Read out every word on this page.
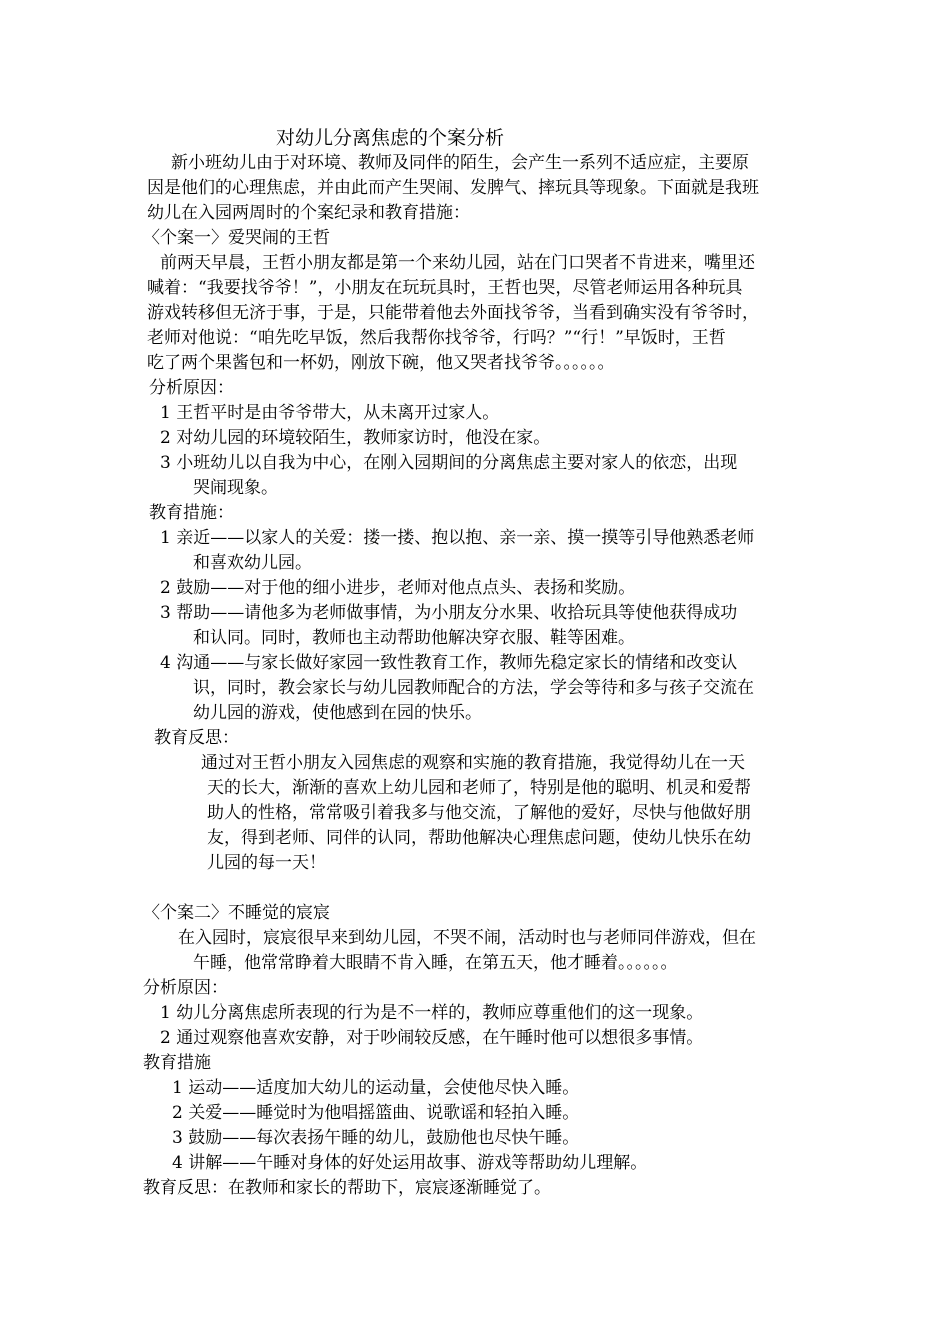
对幼儿分离焦虑的个案分析
新小班幼儿由于对环境、教师及同伴的陌生，会产生一系列不适应症，主要原
因是他们的心理焦虑，并由此而产生哭闹、发脾气、摔玩具等现象。下面就是我班
幼儿在入园两周时的个案纪录和教育措施：
〈个案一〉爱哭闹的王哲
前两天早晨，王哲小朋友都是第一个来幼儿园，站在门口哭者不肯进来，嘴里还
喊着：“我要找爷爷！”，小朋友在玩玩具时，王哲也哭，尽管老师运用各种玩具
游戏转移但无济于事，于是，只能带着他去外面找爷爷，当看到确实没有爷爷时，
老师对他说：“咱先吃早饭，然后我帮你找爷爷，行吗？”“行！”早饭时，王哲
吃了两个果酱包和一杯奶，刚放下碗，他又哭者找爷爷。。。。。。
分析原因：
1 王哲平时是由爷爷带大，从未离开过家人。
2 对幼儿园的环境较陌生，教师家访时，他没在家。
3 小班幼儿以自我为中心，在刚入园期间的分离焦虑主要对家人的依恋，出现
哭闹现象。
教育措施：
1 亲近——以家人的关爱：搂一搂、抱以抱、亲一亲、摸一摸等引导他熟悉老师
和喜欢幼儿园。
2 鼓励——对于他的细小进步，老师对他点点头、表扬和奖励。
3 帮助——请他多为老师做事情，为小朋友分水果、收拾玩具等使他获得成功
和认同。同时，教师也主动帮助他解决穿衣服、鞋等困难。
4 沟通——与家长做好家园一致性教育工作，教师先稳定家长的情绪和改变认
识，同时，教会家长与幼儿园教师配合的方法，学会等待和多与孩子交流在
幼儿园的游戏，使他感到在园的快乐。
教育反思：
通过对王哲小朋友入园焦虑的观察和实施的教育措施，我觉得幼儿在一天
天的长大，渐渐的喜欢上幼儿园和老师了，特别是他的聪明、机灵和爱帮
助人的性格，常常吸引着我多与他交流，了解他的爱好，尽快与他做好朋
友，得到老师、同伴的认同，帮助他解决心理焦虑问题，使幼儿快乐在幼
儿园的每一天！
〈个案二〉不睡觉的宸宸
在入园时，宸宸很早来到幼儿园，不哭不闹，活动时也与老师同伴游戏，但在
午睡，他常常睁着大眼睛不肯入睡，在第五天，他才睡着。。。。。。
分析原因：
1 幼儿分离焦虑所表现的行为是不一样的，教师应尊重他们的这一现象。
2 通过观察他喜欢安静，对于吵闹较反感，在午睡时他可以想很多事情。
教育措施
1 运动——适度加大幼儿的运动量，会使他尽快入睡。
2 关爱——睡觉时为他唱摇篮曲、说歌谣和轻拍入睡。
3 鼓励——每次表扬午睡的幼儿，鼓励他也尽快午睡。
4 讲解——午睡对身体的好处运用故事、游戏等帮助幼儿理解。
教育反思：在教师和家长的帮助下，宸宸逐渐睡觉了。
